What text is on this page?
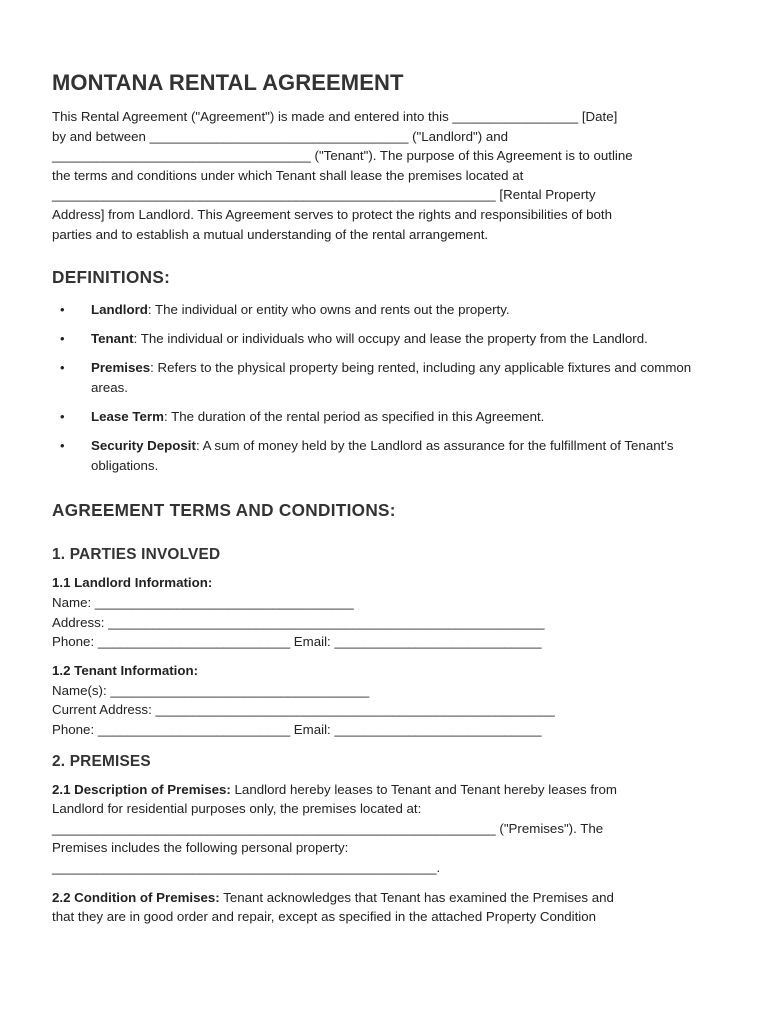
MONTANA RENTAL AGREEMENT

This Rental Agreement ("Agreement") is made and entered into this _________________ [Date]
by and between ___________________________________ ("Landlord") and
___________________________________ ("Tenant"). The purpose of this Agreement is to outline
the terms and conditions under which Tenant shall lease the premises located at
____________________________________________________________ [Rental Property
Address] from Landlord. This Agreement serves to protect the rights and responsibilities of both
parties and to establish a mutual understanding of the rental arrangement.

DEFINITIONS:
• Landlord: The individual or entity who owns and rents out the property.
• Tenant: The individual or individuals who will occupy and lease the property from the Landlord.
• Premises: Refers to the physical property being rented, including any applicable fixtures and common areas.
• Lease Term: The duration of the rental period as specified in this Agreement.
• Security Deposit: A sum of money held by the Landlord as assurance for the fulfillment of Tenant's obligations.
AGREEMENT TERMS AND CONDITIONS:
1. PARTIES INVOLVED
1.1 Landlord Information:
Name: ___________________________________
Address: ___________________________________________________________
Phone: __________________________ Email: ____________________________
1.2 Tenant Information:
Name(s): ___________________________________
Current Address: ______________________________________________________
Phone: __________________________ Email: ____________________________
2. PREMISES

2.1 Description of Premises: Landlord hereby leases to Tenant and Tenant hereby leases from
Landlord for residential purposes only, the premises located at:
____________________________________________________________ ("Premises"). The
Premises includes the following personal property:
____________________________________________________.

2.2 Condition of Premises: Tenant acknowledges that Tenant has examined the Premises and
that they are in good order and repair, except as specified in the attached Property Condition
